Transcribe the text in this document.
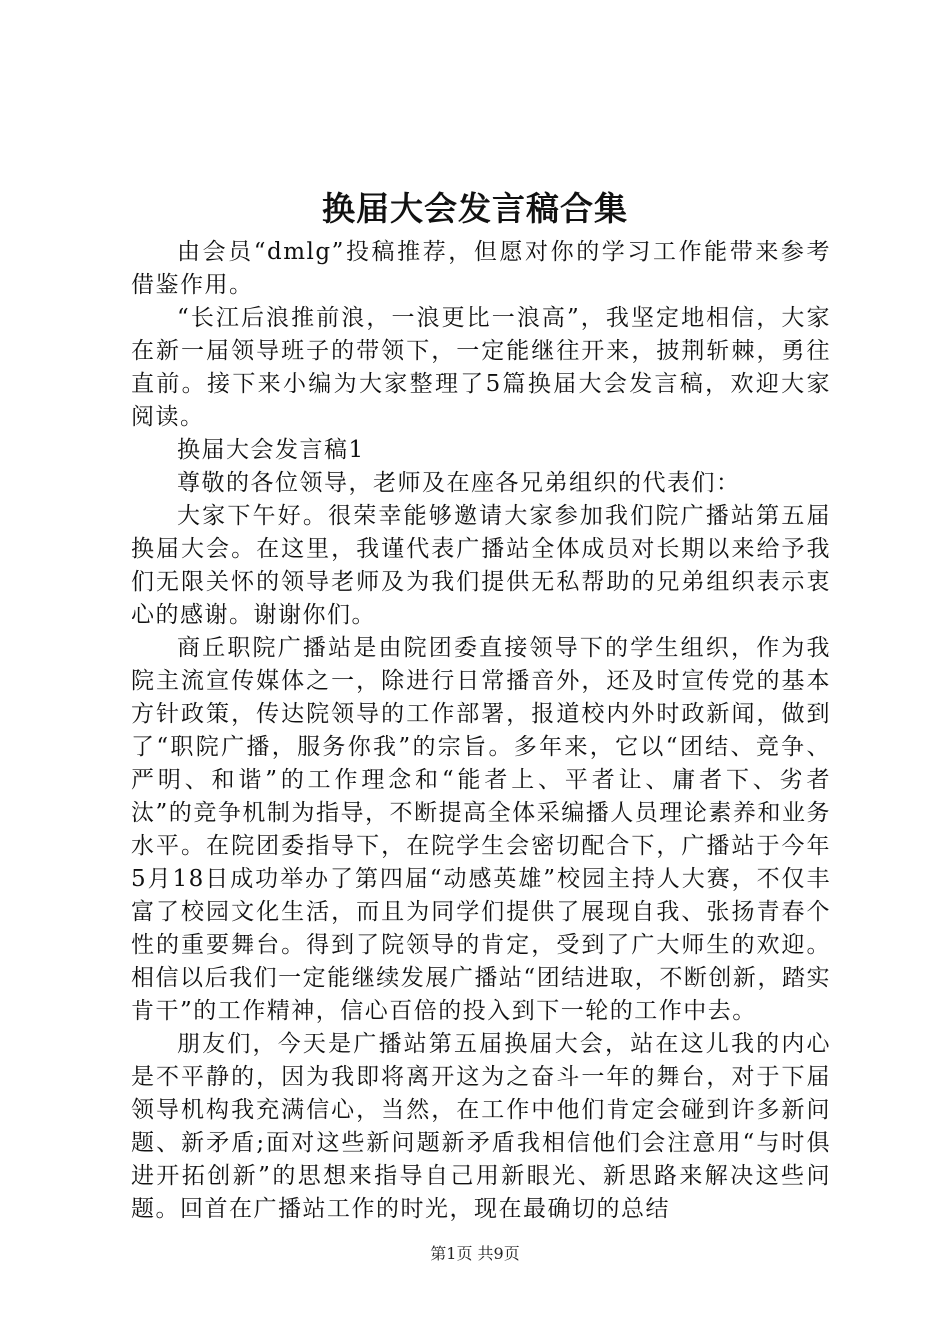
换届大会发言稿合集

由会员“dmlg”投稿推荐，但愿对你的学习工作能带来参考借鉴作用。

“长江后浪推前浪，一浪更比一浪高”，我坚定地相信，大家在新一届领导班子的带领下，一定能继往开来，披荆斩棘，勇往直前。接下来小编为大家整理了5篇换届大会发言稿，欢迎大家阅读。

换届大会发言稿1

尊敬的各位领导，老师及在座各兄弟组织的代表们：

大家下午好。很荣幸能够邀请大家参加我们院广播站第五届换届大会。在这里，我谨代表广播站全体成员对长期以来给予我们无限关怀的领导老师及为我们提供无私帮助的兄弟组织表示衷心的感谢。谢谢你们。

商丘职院广播站是由院团委直接领导下的学生组织，作为我院主流宣传媒体之一，除进行日常播音外，还及时宣传党的基本方针政策，传达院领导的工作部署，报道校内外时政新闻，做到了“职院广播，服务你我”的宗旨。多年来，它以“团结、竞争、严明、和谐”的工作理念和“能者上、平者让、庸者下、劣者汰”的竞争机制为指导，不断提高全体采编播人员理论素养和业务水平。在院团委指导下，在院学生会密切配合下，广播站于今年5月18日成功举办了第四届“动感英雄”校园主持人大赛，不仅丰富了校园文化生活，而且为同学们提供了展现自我、张扬青春个性的重要舞台。得到了院领导的肯定，受到了广大师生的欢迎。相信以后我们一定能继续发展广播站“团结进取，不断创新，踏实肯干”的工作精神，信心百倍的投入到下一轮的工作中去。

朋友们，今天是广播站第五届换届大会，站在这儿我的内心是不平静的，因为我即将离开这为之奋斗一年的舞台，对于下届领导机构我充满信心，当然，在工作中他们肯定会碰到许多新问题、新矛盾;面对这些新问题新矛盾我相信他们会注意用“与时俱进开拓创新”的思想来指导自己用新眼光、新思路来解决这些问题。回首在广播站工作的时光，现在最确切的总结

第1页 共9页
